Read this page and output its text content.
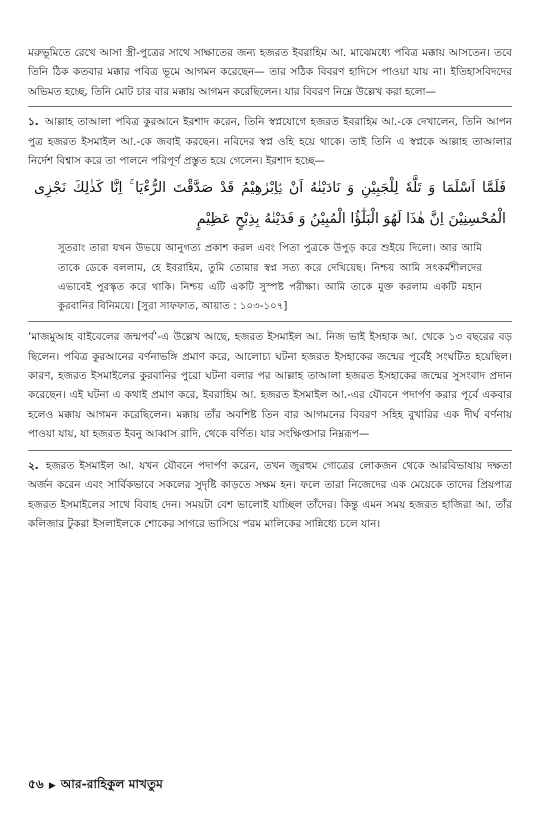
মরুভূমিতে রেখে আসা স্ত্রী-পুত্রের সাথে সাক্ষাতের জন্য হজরত ইবরাহিম আ. মাঝেমধ্যে পবিত্র মক্কায় আসতেন। তবে তিনি ঠিক কতবার মক্কার পবিত্র ভূমে আগমন করেছেন— তার সঠিক বিবরণ হাদিসে পাওয়া যায় না। ইতিহাসবিদদের অভিমত হচ্ছে, তিনি মোট চার বার মক্কায় আগমন করেছিলেন। যার বিবরণ নিম্নে উল্লেখ করা হলো—

১. আল্লাহ তাআলা পবিত্র কুরআনে ইরশাদ করেন, তিনি স্বপ্নযোগে হজরত ইবরাহিম আ.-কে দেখালেন, তিনি আপন পুত্র হজরত ইসমাইল আ.-কে জবাই করছেন। নবিদের স্বপ্ন ওহি হয়ে থাকে। তাই তিনি এ স্বপ্নকে আল্লাহ তাআলার নির্দেশ বিশ্বাস করে তা পালনে পরিপূর্ণ প্রস্তুত হয়ে গেলেন। ইরশাদ হচ্ছে—

فَلَمَّا اَسْلَمَا وَ تَلَّهٗ لِلْجَبِیْنِ وَ نَادَیْنٰهُ اَنْ یّٰۤاِبْرٰهِیْمُ قَدْ صَدَّقْتَ الرُّءْیَا ۚ اِنَّا كَذٰلِكَ نَجْزِی الْمُحْسِنِیْنَ اِنَّ هٰذَا لَهُوَ الْبَلٰٓؤُا الْمُبِیْنُ وَ فَدَیْنٰهُ بِذِبْحٍ عَظِیْمٍ

সুতরাং তারা যখন উভয়ে আনুগত্য প্রকাশ করল এবং পিতা পুত্রকে উপুড় করে শুইয়ে দিলো। আর আমি তাকে ডেকে বললাম, হে ইবরাহিম, তুমি তোমার স্বপ্ন সত্য করে দেখিয়েছ। নিশ্চয় আমি সৎকর্মশীলদের এভাবেই পুরস্কৃত করে থাকি। নিশ্চয় এটি একটি সুস্পষ্ট পরীক্ষা। আমি তাকে মুক্ত করলাম একটি মহান কুরবানির বিনিময়ে। [সুরা সাফফাত, আয়াত : ১০৩-১০৭]

‘মাজমুআহ বাইবেলের জন্মপর্ব’-এ উল্লেখ আছে, হজরত ইসমাইল আ. নিজ ভাই ইসহাক আ. থেকে ১৩ বছরের বড় ছিলেন। পবিত্র কুরআনের বর্ণনাভঙ্গি প্রমাণ করে, আলোচ্য ঘটনা হজরত ইসহাকের জন্মের পূর্বেই সংঘটিত হয়েছিল। কারণ, হজরত ইসমাইলের কুরবানির পুরো ঘটনা বলার পর আল্লাহ তাআলা হজরত ইসহাকের জন্মের সুসংবাদ প্রদান করেছেন। এই ঘটনা এ কথাই প্রমাণ করে, ইবরাহিম আ. হজরত ইসমাইল আ.-এর যৌবনে পদার্পণ করার পূর্বে একবার হলেও মক্কায় আগমন করেছিলেন। মক্কায় তাঁর অবশিষ্ট তিন বার আগমনের বিবরণ সহিহ বুখারির এক দীর্ঘ বর্ণনায় পাওয়া যায়, যা হজরত ইবনু আব্বাস রাদি. থেকে বর্ণিত। যার সংক্ষিপ্তসার নিম্নরূপ—

২. হজরত ইসমাইল আ. যখন যৌবনে পদার্পণ করেন, তখন জুরহুম গোত্রের লোকজন থেকে আরবিভাষায় দক্ষতা অর্জন করেন এবং সার্বিকভাবে সকলের সুদৃষ্টি কাড়তে সক্ষম হন। ফলে তারা নিজেদের এক মেয়েকে তাদের প্রিয়পাত্র হজরত ইসমাইলের সাথে বিবাহ দেন। সময়টা বেশ ভালোই যাচ্ছিল তাঁদের। কিন্তু এমন সময় হজরত হাজিরা আ. তাঁর কলিজার টুকরা ইসলাইলকে শোকের সাগরে ভাসিয়ে পরম মালিকের সান্নিধ্যে চলে যান।

৫৬ ▶ আর-রাহিকুল মাখতুম
